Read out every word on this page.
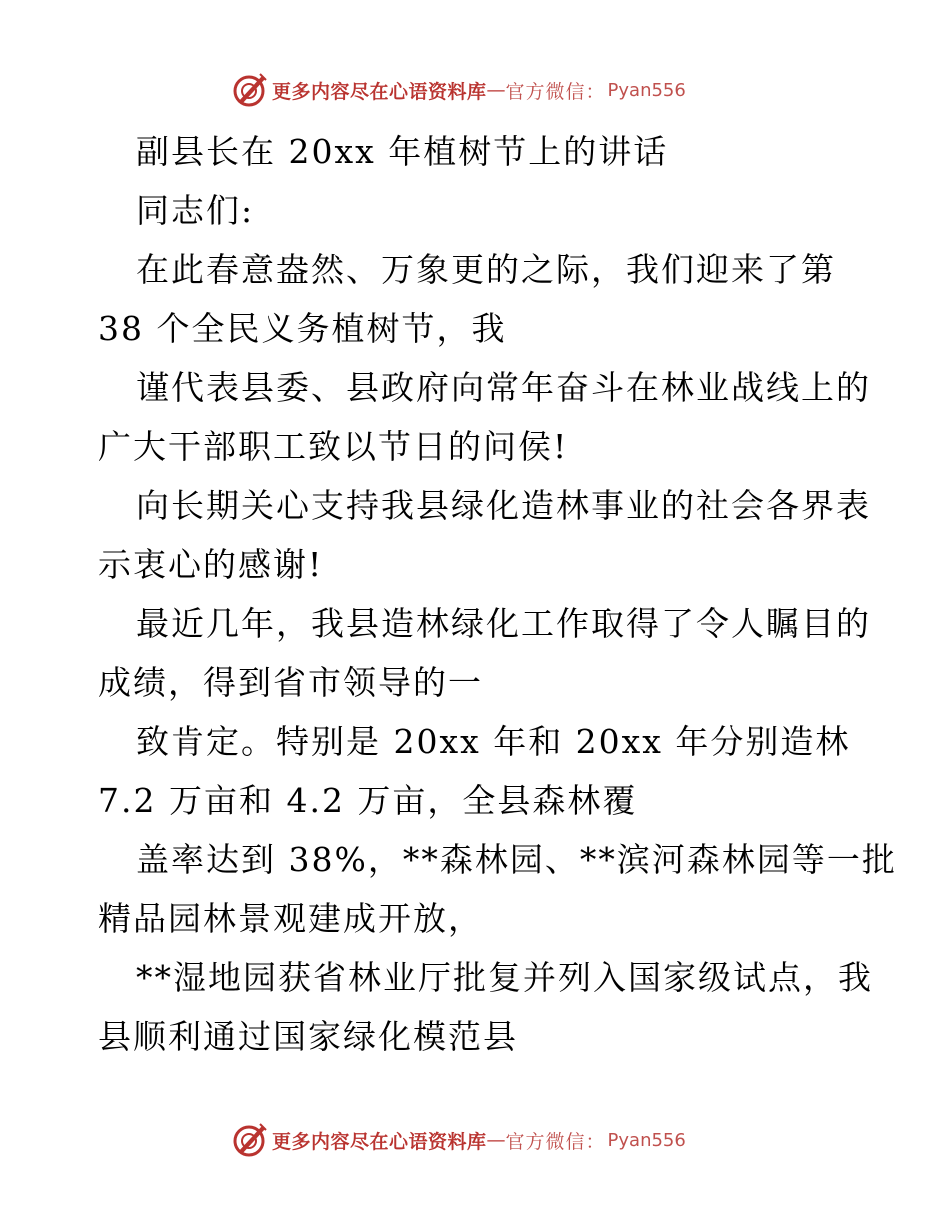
更多内容尽在心语资料库 — 官方微信： Pyan556
副县长在 20xx 年植树节上的讲话
同志们:
在此春意盎然、万象更的之际，我们迎来了第
38 个全民义务植树节，我
谨代表县委、县政府向常年奋斗在林业战线上的
广大干部职工致以节日的问侯!
向长期关心支持我县绿化造林事业的社会各界表
示衷心的感谢!
最近几年，我县造林绿化工作取得了令人瞩目的
成绩，得到省市领导的一
致肯定。特别是 20xx 年和 20xx 年分别造林
7.2 万亩和 4.2 万亩，全县森林覆
盖率达到 38%，**森林园、**滨河森林园等一批
精品园林景观建成开放，
**湿地园获省林业厅批复并列入国家级试点，我
县顺利通过国家绿化模范县
更多内容尽在心语资料库 — 官方微信： Pyan556
